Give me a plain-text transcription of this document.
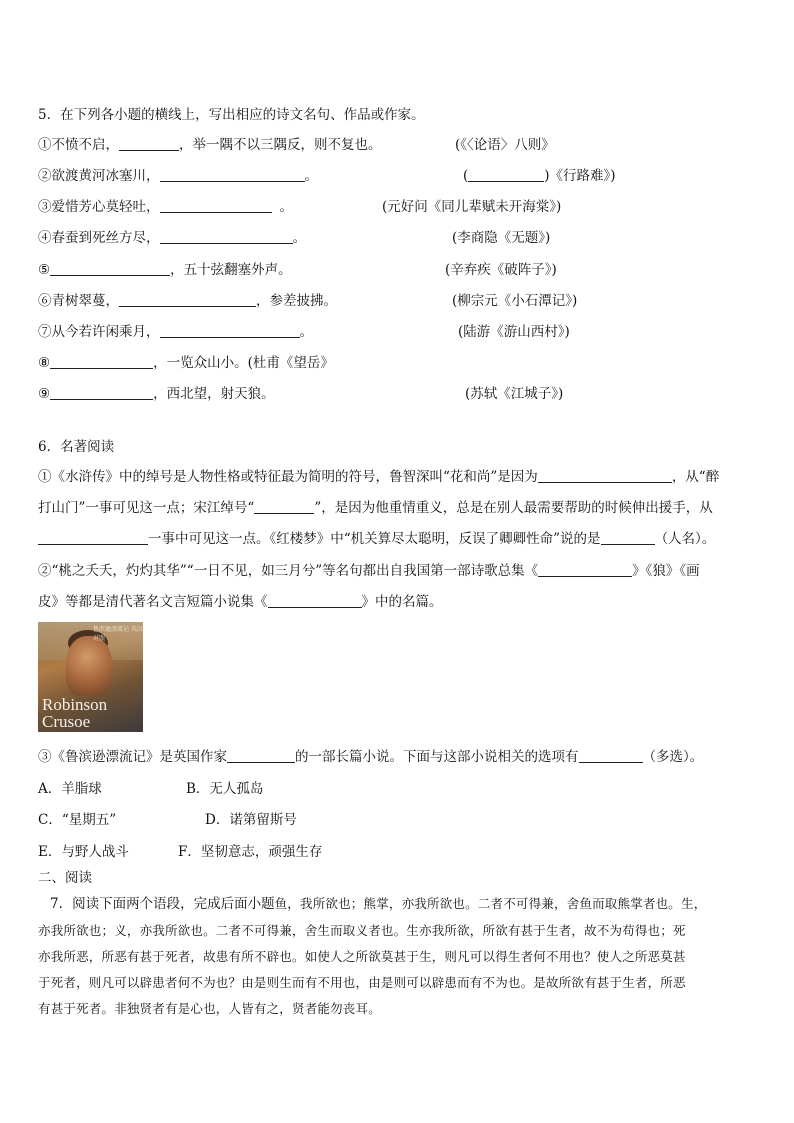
5．在下列各小题的横线上，写出相应的诗文名句、作品或作家。
①不愤不启，	，举一隅不以三隅反，则不复也。	(《〈论语〉八则》
②欲渡黄河冰塞川，	。	(	)《行路难》)
③爱惜芳心莫轻吐，	。	(元好问《同儿辈赋未开海棠》)
④春蚕到死丝方尽，	。	(李商隐《无题》)
⑤	，五十弦翻塞外声。	(辛弃疾《破阵子》)
⑥青树翠蔓，	，参差披拂。	(柳宗元《小石潭记》)
⑦从今若许闲乘月，	。	(陆游《游山西村》)
⑧	，一览众山小。(杜甫《望岳》
⑨	，西北望，射天狼。	(苏轼《江城子》)
6．名著阅读
①《水浒传》中的绰号是人物性格或特征最为简明的符号，鲁智深叫“花和尚”是因为	，从“醉
打山门”一事可见这一点；宋江绰号“	”，是因为他重情重义，总是在别人最需要帮助的时候伸出援手，从
一事中可见这一点。《红楼梦》中“机关算尽太聪明，反误了卿卿性命”说的是	（人名）。
②“桃之夭夭，灼灼其华”“一日不见，如三月兮”等名句都出自我国第一部诗歌总集《	》《狼》《画
皮》等都是清代著名文言短篇小说集《	》中的名篇。
鲁滨逊漂流记·英汉对照
Robinson
Crusoe
③《鲁滨逊漂流记》是英国作家	的一部长篇小说。下面与这部小说相关的选项有	（多选）。
A．羊脂球	B．无人孤岛
C．“星期五”	D．诺第留斯号
E．与野人战斗	F．坚韧意志，顽强生存
二、阅读
7．阅读下面两个语段，完成后面小题鱼，我所欲也；熊掌，亦我所欲也。二者不可得兼，舍鱼而取熊掌者也。生，
亦我所欲也；义，亦我所欲也。二者不可得兼，舍生而取义者也。生亦我所欲，所欲有甚于生者，故不为苟得也；死
亦我所恶，所恶有甚于死者，故患有所不辟也。如使人之所欲莫甚于生，则凡可以得生者何不用也？使人之所恶莫甚
于死者，则凡可以辟患者何不为也？由是则生而有不用也，由是则可以辟患而有不为也。是故所欲有甚于生者，所恶
有甚于死者。非独贤者有是心也，人皆有之，贤者能勿丧耳。
